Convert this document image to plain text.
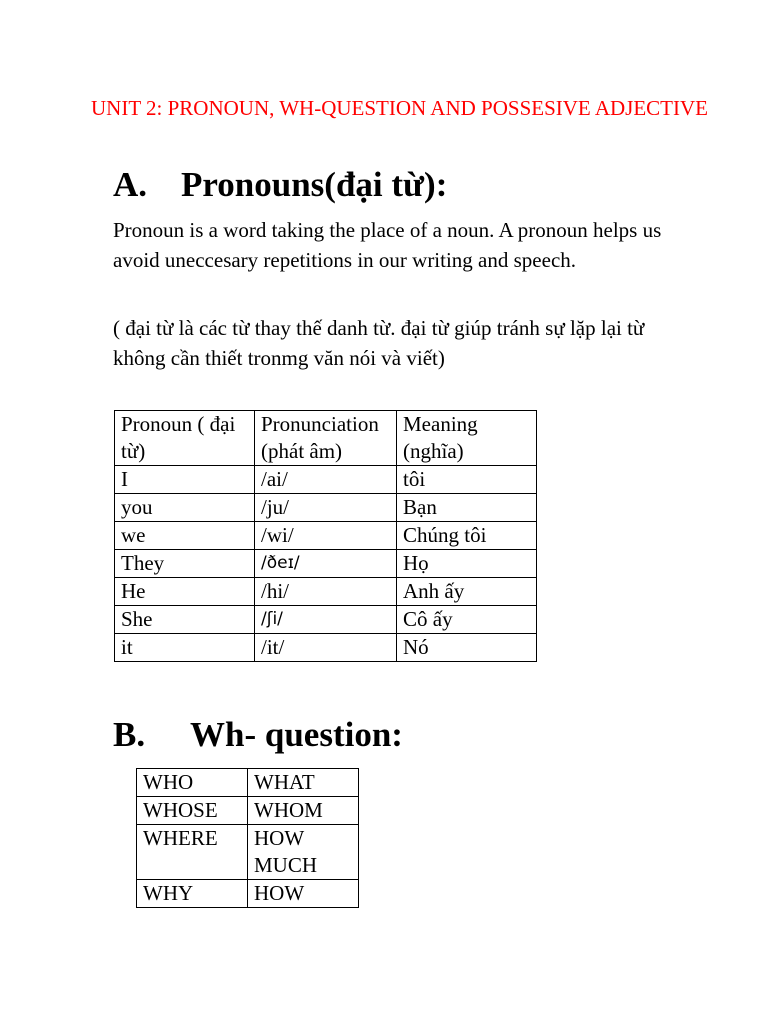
UNIT 2: PRONOUN, WH-QUESTION AND POSSESIVE ADJECTIVE

A. Pronouns(đại từ):

Pronoun is a word taking the place of a noun. A pronoun helps us avoid uneccesary repetitions in our writing and speech.

( đại từ là các từ thay thế danh từ. đại từ giúp tránh sự lặp lại từ không cần thiết tronmg văn nói và viết)

Pronoun ( đại từ)	Pronunciation (phát âm)	Meaning (nghĩa)
I	/ai/	tôi
you	/ju/	Bạn
we	/wi/	Chúng tôi
They	/ðeɪ/	Họ
He	/hi/	Anh ấy
She	/ʃi/	Cô ấy
it	/it/	Nó
B. Wh- question:
WHO	WHAT
WHOSE	WHOM
WHERE	HOW MUCH
WHY	HOW
